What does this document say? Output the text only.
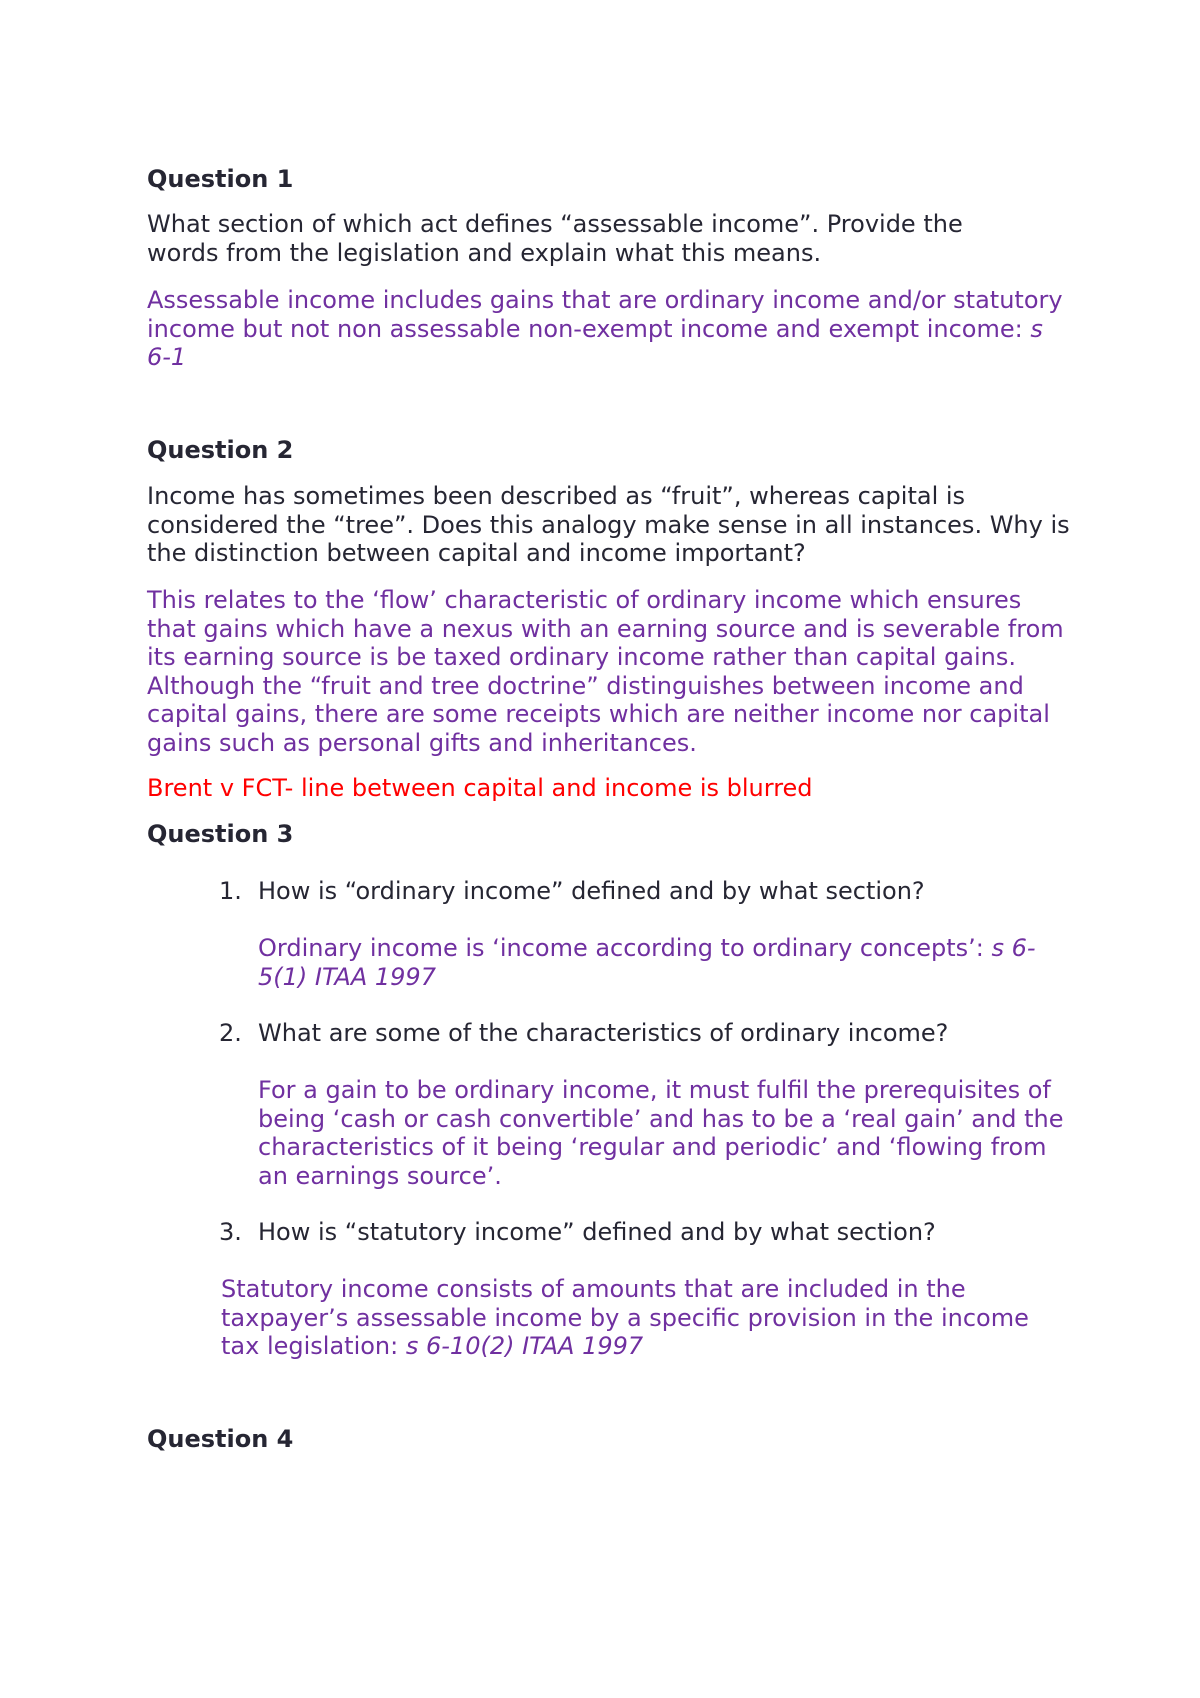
Question 1
What section of which act defines “assessable income”. Provide the words from the legislation and explain what this means.
Assessable income includes gains that are ordinary income and/or statutory income but not non assessable non-exempt income and exempt income: s 6-1
Question 2
Income has sometimes been described as “fruit”, whereas capital is considered the “tree”. Does this analogy make sense in all instances. Why is the distinction between capital and income important?
This relates to the ‘flow’ characteristic of ordinary income which ensures that gains which have a nexus with an earning source and is severable from its earning source is be taxed ordinary income rather than capital gains. Although the “fruit and tree doctrine” distinguishes between income and capital gains, there are some receipts which are neither income nor capital gains such as personal gifts and inheritances.
Brent v FCT- line between capital and income is blurred
Question 3
1. How is “ordinary income” defined and by what section?
Ordinary income is ‘income according to ordinary concepts’: s 6-5(1) ITAA 1997
2. What are some of the characteristics of ordinary income?
For a gain to be ordinary income, it must fulfil the prerequisites of being ‘cash or cash convertible’ and has to be a ‘real gain’ and the characteristics of it being ‘regular and periodic’ and ‘flowing from an earnings source’.
3. How is “statutory income” defined and by what section?
Statutory income consists of amounts that are included in the taxpayer’s assessable income by a specific provision in the income tax legislation: s 6-10(2) ITAA 1997
Question 4
